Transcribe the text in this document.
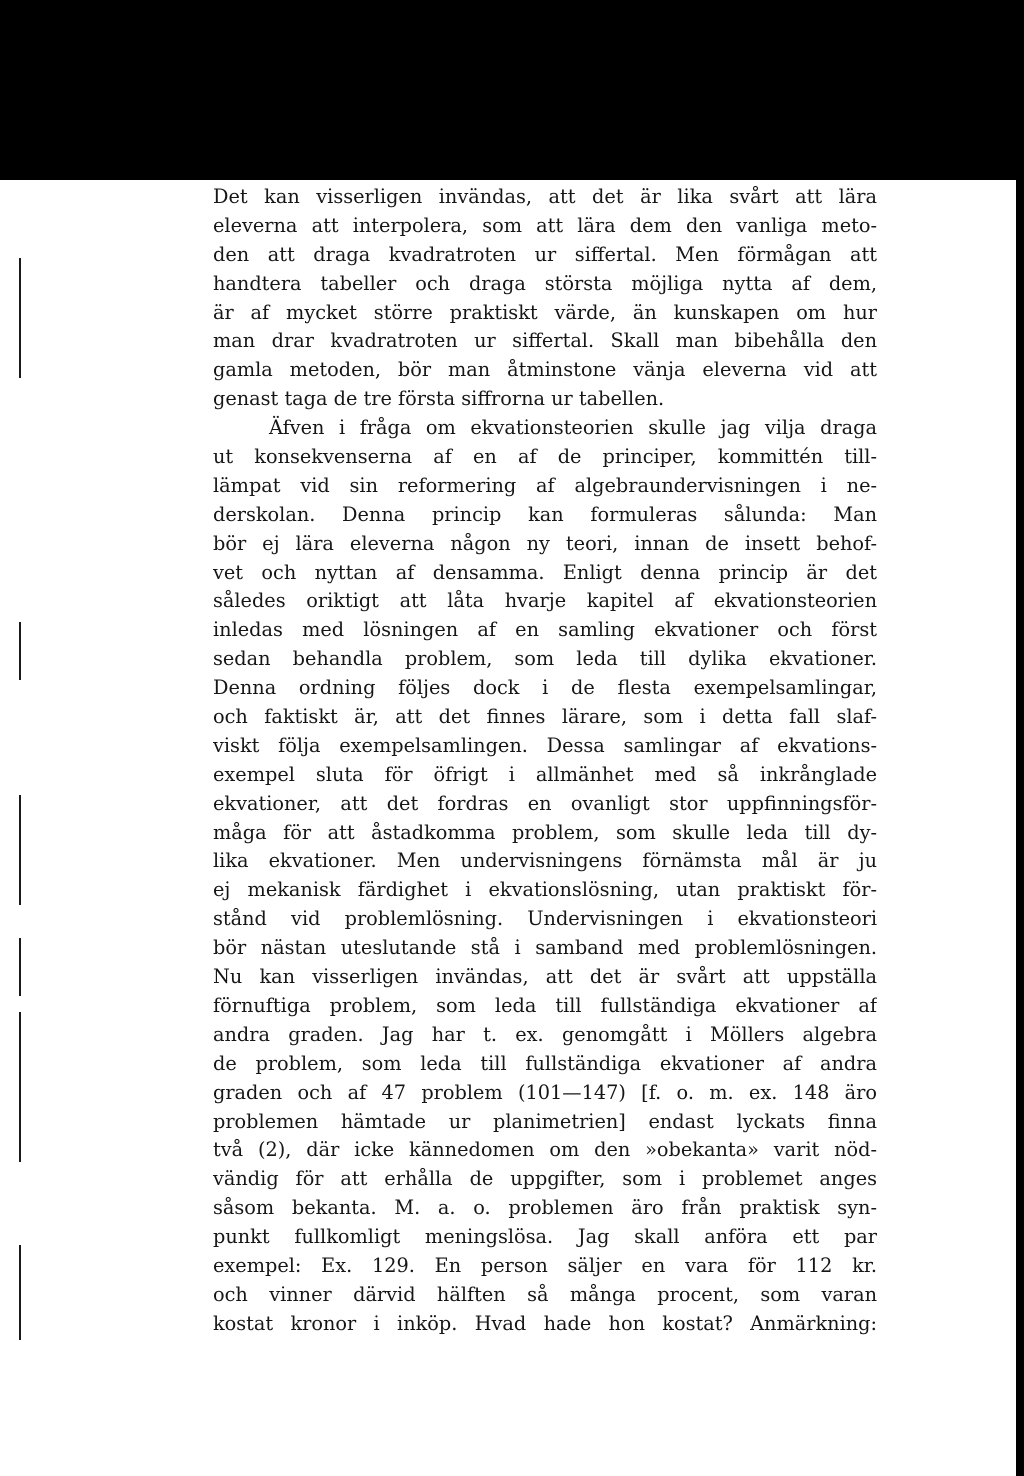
Det kan visserligen invändas, att det är lika svårt att lära
eleverna att interpolera, som att lära dem den vanliga meto-
den att draga kvadratroten ur siffertal. Men förmågan att
handtera tabeller och draga största möjliga nytta af dem,
är af mycket större praktiskt värde, än kunskapen om hur
man drar kvadratroten ur siffertal. Skall man bibehålla den
gamla metoden, bör man åtminstone vänja eleverna vid att
genast taga de tre första siffrorna ur tabellen.
Äfven i fråga om ekvationsteorien skulle jag vilja draga
ut konsekvenserna af en af de principer, kommittén till-
lämpat vid sin reformering af algebraundervisningen i ne-
derskolan. Denna princip kan formuleras sålunda: Man
bör ej lära eleverna någon ny teori, innan de insett behof-
vet och nyttan af densamma. Enligt denna princip är det
således oriktigt att låta hvarje kapitel af ekvationsteorien
inledas med lösningen af en samling ekvationer och först
sedan behandla problem, som leda till dylika ekvationer.
Denna ordning följes dock i de flesta exempelsamlingar,
och faktiskt är, att det finnes lärare, som i detta fall slaf-
viskt följa exempelsamlingen. Dessa samlingar af ekvations-
exempel sluta för öfrigt i allmänhet med så inkrånglade
ekvationer, att det fordras en ovanligt stor uppfinningsför-
måga för att åstadkomma problem, som skulle leda till dy-
lika ekvationer. Men undervisningens förnämsta mål är ju
ej mekanisk färdighet i ekvationslösning, utan praktiskt för-
stånd vid problemlösning. Undervisningen i ekvationsteori
bör nästan uteslutande stå i samband med problemlösningen.
Nu kan visserligen invändas, att det är svårt att uppställa
förnuftiga problem, som leda till fullständiga ekvationer af
andra graden. Jag har t. ex. genomgått i Möllers algebra
de problem, som leda till fullständiga ekvationer af andra
graden och af 47 problem (101—147) [f. o. m. ex. 148 äro
problemen hämtade ur planimetrien] endast lyckats finna
två (2), där icke kännedomen om den »obekanta» varit nöd-
vändig för att erhålla de uppgifter, som i problemet anges
såsom bekanta. M. a. o. problemen äro från praktisk syn-
punkt fullkomligt meningslösa. Jag skall anföra ett par
exempel: Ex. 129. En person säljer en vara för 112 kr.
och vinner därvid hälften så många procent, som varan
kostat kronor i inköp. Hvad hade hon kostat? Anmärkning:
